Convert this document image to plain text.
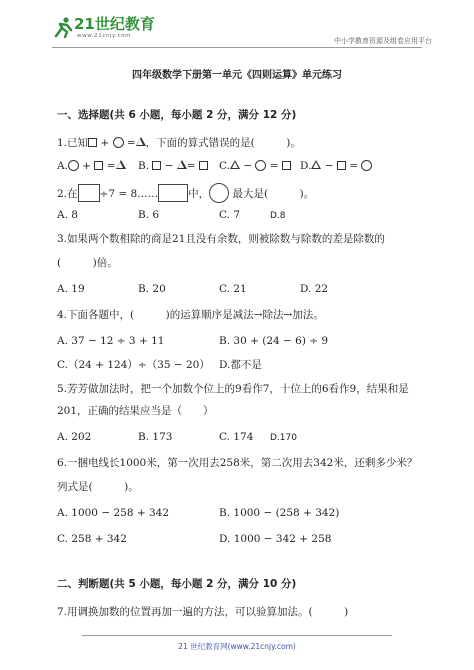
21世纪教育
www.21cnjy.com
中小学教育资源及组卷应用平台
四年级数学下册第一单元《四则运算》单元练习
一、选择题(共 6 小题，每小题 2 分，满分 12 分)
1.已知 +  = ，下面的算式错误的是(　　　)。
A. +  =	B.  − =	C. −  =	D. −  =
2.在 ÷7 = 8……	中， 最大是(　　　)。
A. 8	B. 6	C. 7	D.8
3.如果两个数相除的商是21且没有余数，则被除数与除数的差是除数的
(　　　)倍。
A. 19	B. 20	C. 21	D. 22
4.下面各题中，(　　　)的运算顺序是减法→除法→加法。
A. 37 − 12 ÷ 3 + 11	B. 30 + (24 − 6) ÷ 9
C.（24 + 124）÷（35 − 20） D.都不是
5.芳芳做加法时，把一个加数个位上的9看作7，十位上的6看作9，结果和是
201，正确的结果应当是（　　）
A. 202	B. 173	C. 174 D.170
6.一捆电线长1000米，第一次用去258米，第二次用去342米，还剩多少米？
列式是(　　　)。
A. 1000 − 258 + 342	B. 1000 − (258 + 342)
C. 258 + 342	D. 1000 − 342 + 258
二、判断题(共 5 小题，每小题 2 分，满分 10 分)
7.用调换加数的位置再加一遍的方法，可以验算加法。(　　　)
21 世纪教育网(www.21cnjy.com)
